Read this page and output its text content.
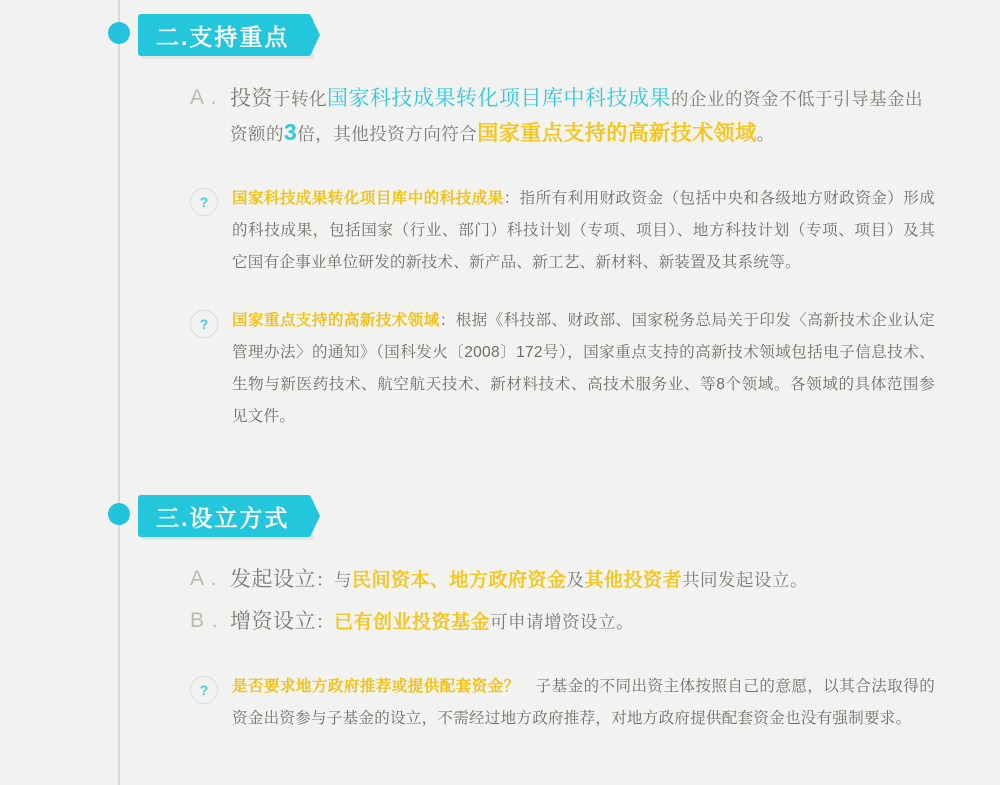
二.支持重点
A . 投资于转化国家科技成果转化项目库中科技成果的企业的资金不低于引导基金出资额的3倍，其他投资方向符合国家重点支持的高新技术领域。
?	国家科技成果转化项目库中的科技成果：指所有利用财政资金（包括中央和各级地方财政资金）形成的科技成果，包括国家（行业、部门）科技计划（专项、项目）、地方科技计划（专项、项目）及其它国有企事业单位研发的新技术、新产品、新工艺、新材料、新装置及其系统等。
?	国家重点支持的高新技术领域：根据《科技部、财政部、国家税务总局关于印发〈高新技术企业认定管理办法〉的通知》（国科发火〔2008〕172号），国家重点支持的高新技术领域包括电子信息技术、生物与新医药技术、航空航天技术、新材料技术、高技术服务业、等8个领域。各领域的具体范围参见文件。
三.设立方式
A . 发起设立：与民间资本、地方政府资金及其他投资者共同发起设立。
B . 增资设立：已有创业投资基金可申请增资设立。
?	是否要求地方政府推荐或提供配套资金？　子基金的不同出资主体按照自己的意愿，以其合法取得的资金出资参与子基金的设立，不需经过地方政府推荐，对地方政府提供配套资金也没有强制要求。
